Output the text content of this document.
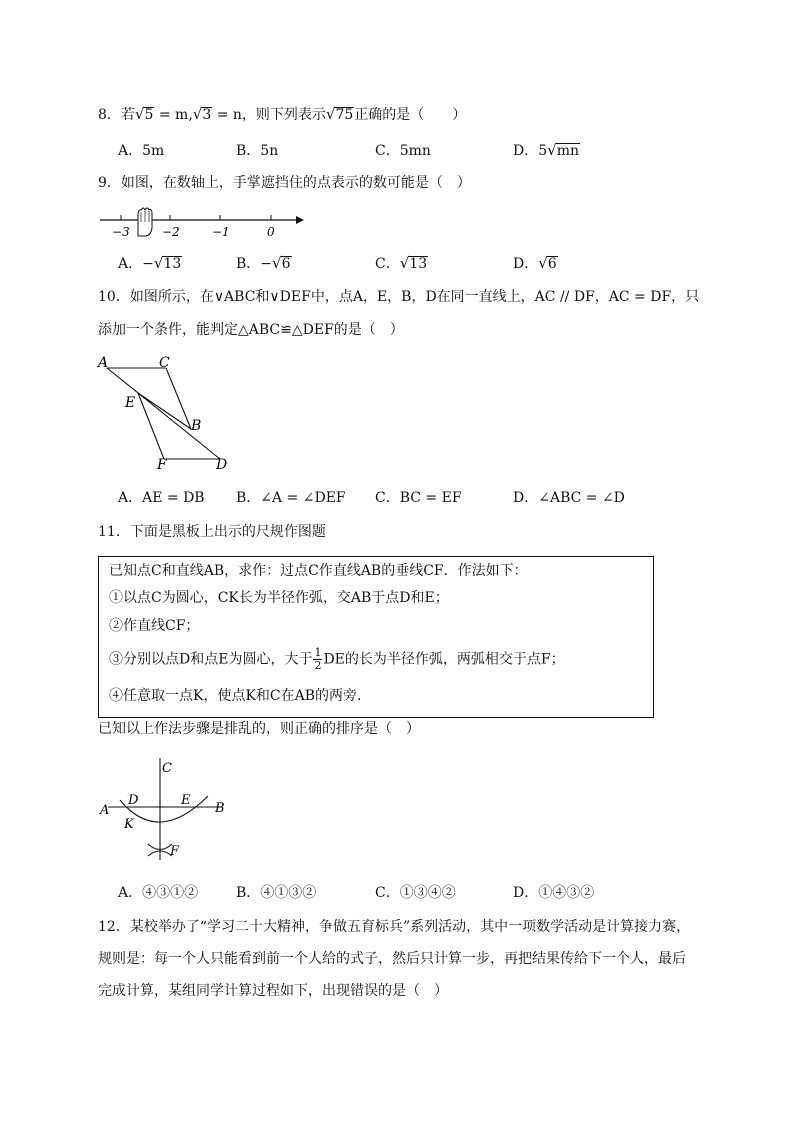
8．若√5 = m,√3 = n，则下列表示√75正确的是（　　）
A．5m	B．5n	C．5mn	D．5√mn
9．如图，在数轴上，手掌遮挡住的点表示的数可能是（　）
−3	−2	−1	0
A．−√13	B．−√6	C．√13	D．√6
10．如图所示，在∨ABC和∨DEF中，点A，E，B，D在同一直线上，AC // DF，AC = DF，只
添加一个条件，能判定△ABC≌△DEF的是（　）
A	C
E
B
F	D
A．AE = DB B．∠A = ∠DEF C．BC = EF	D．∠ABC = ∠D
11．下面是黑板上出示的尺规作图题
已知点C和直线AB，求作：过点C作直线AB的垂线CF．作法如下：
①以点C为圆心，CK长为半径作弧，交AB于点D和E；
②作直线CF；
③分别以点D和点E为圆心，大于 $\frac{1}{2}$ DE的长为半径作弧，两弧相交于点F；
④任意取一点K，使点K和C在AB的两旁.
已知以上作法步骤是排乱的，则正确的排序是（　）
C
D	E
B
A
K
F
A．④③①②	B．④①③②	C．①③④②	D．①④③②
12．某校举办了“学习二十大精神，争做五育标兵”系列活动，其中一项数学活动是计算接力赛，
规则是：每一个人只能看到前一个人给的式子，然后只计算一步，再把结果传给下一个人，最后
完成计算，某组同学计算过程如下，出现错误的是（　）
